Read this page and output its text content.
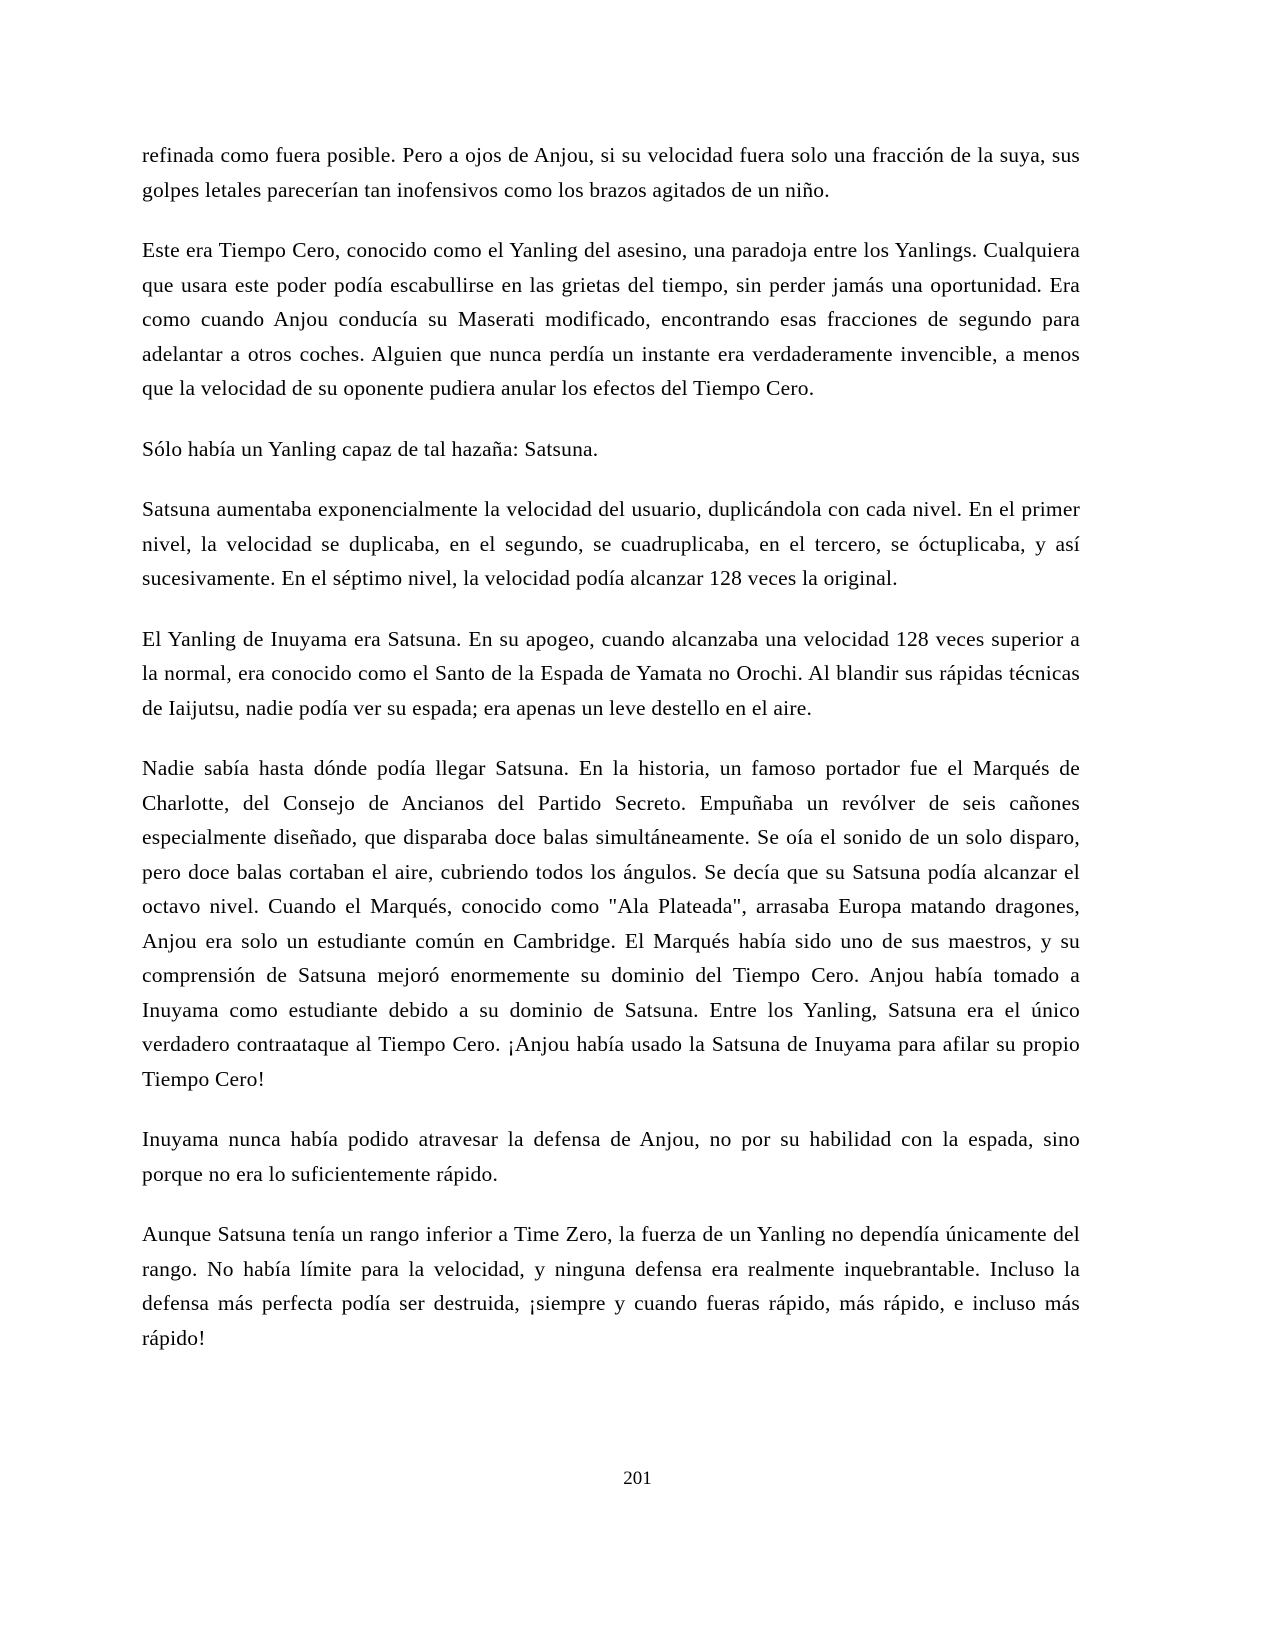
refinada como fuera posible. Pero a ojos de Anjou, si su velocidad fuera solo una fracción de la suya, sus golpes letales parecerían tan inofensivos como los brazos agitados de un niño.

Este era Tiempo Cero, conocido como el Yanling del asesino, una paradoja entre los Yanlings. Cualquiera que usara este poder podía escabullirse en las grietas del tiempo, sin perder jamás una oportunidad. Era como cuando Anjou conducía su Maserati modificado, encontrando esas fracciones de segundo para adelantar a otros coches. Alguien que nunca perdía un instante era verdaderamente invencible, a menos que la velocidad de su oponente pudiera anular los efectos del Tiempo Cero.

Sólo había un Yanling capaz de tal hazaña: Satsuna.

Satsuna aumentaba exponencialmente la velocidad del usuario, duplicándola con cada nivel. En el primer nivel, la velocidad se duplicaba, en el segundo, se cuadruplicaba, en el tercero, se óctuplicaba, y así sucesivamente. En el séptimo nivel, la velocidad podía alcanzar 128 veces la original.

El Yanling de Inuyama era Satsuna. En su apogeo, cuando alcanzaba una velocidad 128 veces superior a la normal, era conocido como el Santo de la Espada de Yamata no Orochi. Al blandir sus rápidas técnicas de Iaijutsu, nadie podía ver su espada; era apenas un leve destello en el aire.

Nadie sabía hasta dónde podía llegar Satsuna. En la historia, un famoso portador fue el Marqués de Charlotte, del Consejo de Ancianos del Partido Secreto. Empuñaba un revólver de seis cañones especialmente diseñado, que disparaba doce balas simultáneamente. Se oía el sonido de un solo disparo, pero doce balas cortaban el aire, cubriendo todos los ángulos. Se decía que su Satsuna podía alcanzar el octavo nivel. Cuando el Marqués, conocido como "Ala Plateada", arrasaba Europa matando dragones, Anjou era solo un estudiante común en Cambridge. El Marqués había sido uno de sus maestros, y su comprensión de Satsuna mejoró enormemente su dominio del Tiempo Cero. Anjou había tomado a Inuyama como estudiante debido a su dominio de Satsuna. Entre los Yanling, Satsuna era el único verdadero contraataque al Tiempo Cero. ¡Anjou había usado la Satsuna de Inuyama para afilar su propio Tiempo Cero!

Inuyama nunca había podido atravesar la defensa de Anjou, no por su habilidad con la espada, sino porque no era lo suficientemente rápido.

Aunque Satsuna tenía un rango inferior a Time Zero, la fuerza de un Yanling no dependía únicamente del rango. No había límite para la velocidad, y ninguna defensa era realmente inquebrantable. Incluso la defensa más perfecta podía ser destruida, ¡siempre y cuando fueras rápido, más rápido, e incluso más rápido!

201
